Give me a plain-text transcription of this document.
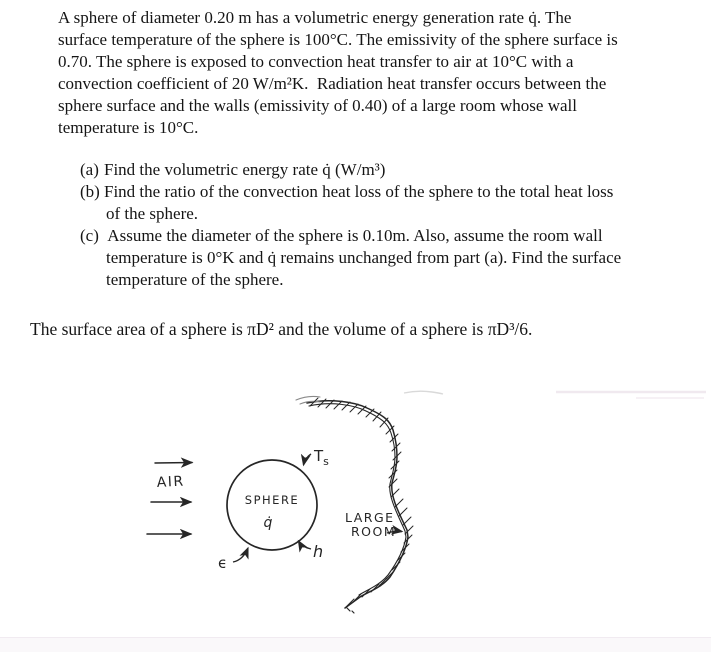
A sphere of diameter 0.20 m has a volumetric energy generation rate q̇. The
surface temperature of the sphere is 100°C. The emissivity of the sphere surface is
0.70. The sphere is exposed to convection heat transfer to air at 10°C with a
convection coefficient of 20 W/m²K.  Radiation heat transfer occurs between the
sphere surface and the walls (emissivity of 0.40) of a large room whose wall
temperature is 10°C.
(a) Find the volumetric energy rate q̇ (W/m³)
(b) Find the ratio of the convection heat loss of the sphere to the total heat loss
of the sphere.
(c) Assume the diameter of the sphere is 0.10m. Also, assume the room wall
temperature is 0°K and q̇ remains unchanged from part (a). Find the surface
temperature of the sphere.
The surface area of a sphere is πD² and the volume of a sphere is πD³/6.
AIR
SPHERE
q̇
$T_s$
h
ϵ
LARGE
ROOM
